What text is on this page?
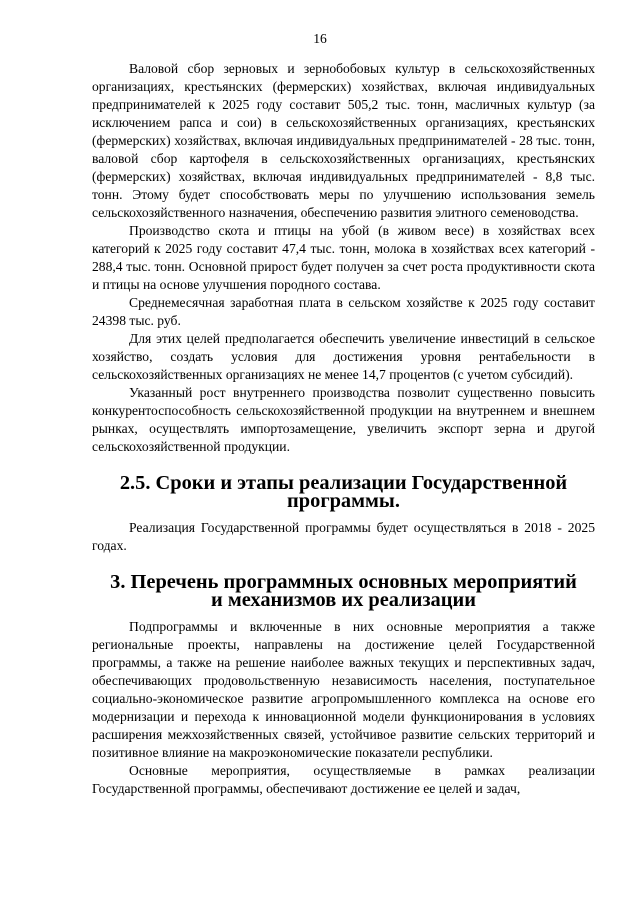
16

Валовой сбор зерновых и зернобобовых культур в сельскохозяйственных организациях, крестьянских (фермерских) хозяйствах, включая индивидуальных предпринимателей к 2025 году составит 505,2 тыс. тонн, масличных культур (за исключением рапса и сои) в сельскохозяйственных организациях, крестьянских (фермерских) хозяйствах, включая индивидуальных предпринимателей - 28 тыс. тонн, валовой сбор картофеля в сельскохозяйственных организациях, крестьянских (фермерских) хозяйствах, включая индивидуальных предпринимателей - 8,8 тыс. тонн. Этому будет способствовать меры по улучшению использования земель сельскохозяйственного назначения, обеспечению развития элитного семеноводства.

Производство скота и птицы на убой (в живом весе) в хозяйствах всех категорий к 2025 году составит 47,4 тыс. тонн, молока в хозяйствах всех категорий - 288,4 тыс. тонн. Основной прирост будет получен за счет роста продуктивности скота и птицы на основе улучшения породного состава.

Среднемесячная заработная плата в сельском хозяйстве к 2025 году составит 24398 тыс. руб.

Для этих целей предполагается обеспечить увеличение инвестиций в сельское хозяйство, создать условия для достижения уровня рентабельности в сельскохозяйственных организациях не менее 14,7 процентов (с учетом субсидий).

Указанный рост внутреннего производства позволит существенно повысить конкурентоспособность сельскохозяйственной продукции на внутреннем и внешнем рынках, осуществлять импортозамещение, увеличить экспорт зерна и другой сельскохозяйственной продукции.

2.5. Сроки и этапы реализации Государственной программы.

Реализация Государственной программы будет осуществляться в 2018 - 2025 годах.

3. Перечень программных основных мероприятий
и механизмов их реализации

Подпрограммы и включенные в них основные мероприятия а также региональные проекты, направлены на достижение целей Государственной программы, а также на решение наиболее важных текущих и перспективных задач, обеспечивающих продовольственную независимость населения, поступательное социально-экономическое развитие агропромышленного комплекса на основе его модернизации и перехода к инновационной модели функционирования в условиях расширения межхозяйственных связей, устойчивое развитие сельских территорий и позитивное влияние на макроэкономические показатели республики.

Основные мероприятия, осуществляемые в рамках реализации Государственной программы, обеспечивают достижение ее целей и задач,
